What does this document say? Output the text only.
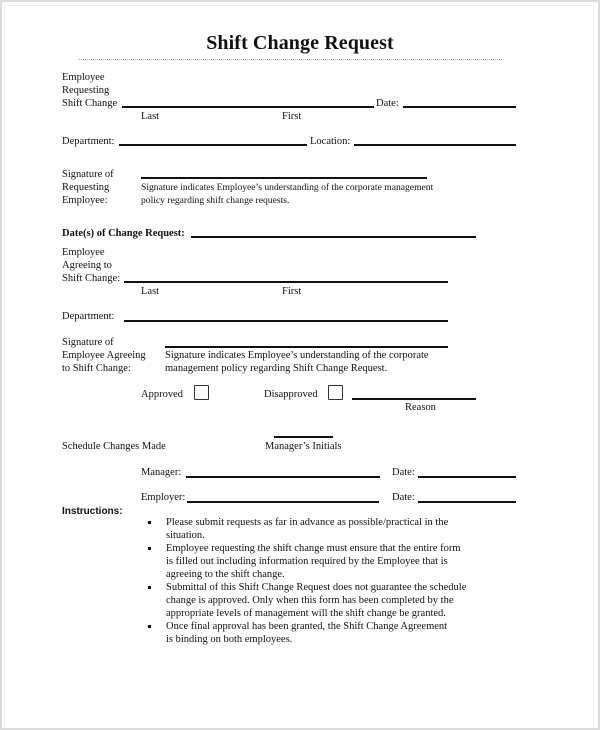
Shift Change Request
Employee
Requesting
Shift Change	Date:
Last	First
Department:	Location:
Signature of
Requesting
Employee:
Signature indicates Employee’s understanding of the corporate management
policy regarding shift change requests.
Date(s) of Change Request:
Employee
Agreeing to
Shift Change:
Last	First
Department:
Signature of
Employee Agreeing
to Shift Change:
Signature indicates Employee’s understanding of the corporate
management policy regarding Shift Change Request.
Approved	Disapproved
Reason
Schedule Changes Made	Manager’s Initials
Manager:	Date:
Employer:	Date:
Instructions:
Please submit requests as far in advance as possible/practical in the
situation.
Employee requesting the shift change must ensure that the entire form
is filled out including information required by the Employee that is
agreeing to the shift change.
Submittal of this Shift Change Request does not guarantee the schedule
change is approved. Only when this form has been completed by the
appropriate levels of management will the shift change be granted.
Once final approval has been granted, the Shift Change Agreement
is binding on both employees.
